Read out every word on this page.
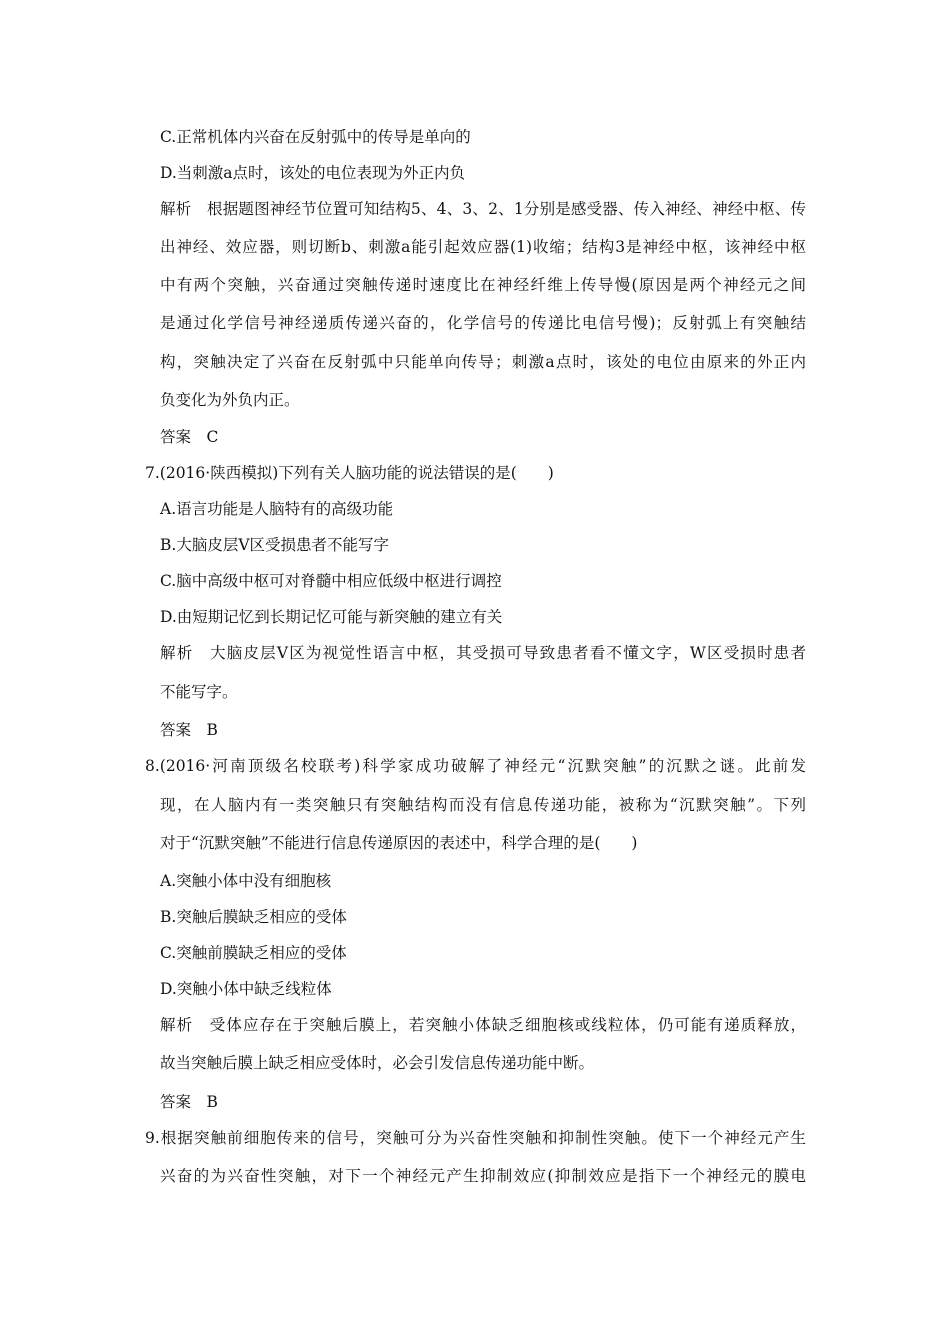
C.正常机体内兴奋在反射弧中的传导是单向的
D.当刺激a点时，该处的电位表现为外正内负
解析　根据题图神经节位置可知结构5、4、3、2、1分别是感受器、传入神经、神经中枢、传
出神经、效应器，则切断b、刺激a能引起效应器(1)收缩；结构3是神经中枢，该神经中枢
中有两个突触，兴奋通过突触传递时速度比在神经纤维上传导慢(原因是两个神经元之间
是通过化学信号神经递质传递兴奋的，化学信号的传递比电信号慢)；反射弧上有突触结
构，突触决定了兴奋在反射弧中只能单向传导；刺激a点时，该处的电位由原来的外正内
负变化为外负内正。
答案　C
7.(2016·陕西模拟)下列有关人脑功能的说法错误的是(　　)
A.语言功能是人脑特有的高级功能
B.大脑皮层V区受损患者不能写字
C.脑中高级中枢可对脊髓中相应低级中枢进行调控
D.由短期记忆到长期记忆可能与新突触的建立有关
解析　大脑皮层V区为视觉性语言中枢，其受损可导致患者看不懂文字，W区受损时患者
不能写字。
答案　B
8.(2016·河南顶级名校联考)科学家成功破解了神经元“沉默突触”的沉默之谜。此前发
现，在人脑内有一类突触只有突触结构而没有信息传递功能，被称为“沉默突触”。下列
对于“沉默突触”不能进行信息传递原因的表述中，科学合理的是(　　)
A.突触小体中没有细胞核
B.突触后膜缺乏相应的受体
C.突触前膜缺乏相应的受体
D.突触小体中缺乏线粒体
解析　受体应存在于突触后膜上，若突触小体缺乏细胞核或线粒体，仍可能有递质释放，
故当突触后膜上缺乏相应受体时，必会引发信息传递功能中断。
答案　B
9.根据突触前细胞传来的信号，突触可分为兴奋性突触和抑制性突触。使下一个神经元产生
兴奋的为兴奋性突触，对下一个神经元产生抑制效应(抑制效应是指下一个神经元的膜电
